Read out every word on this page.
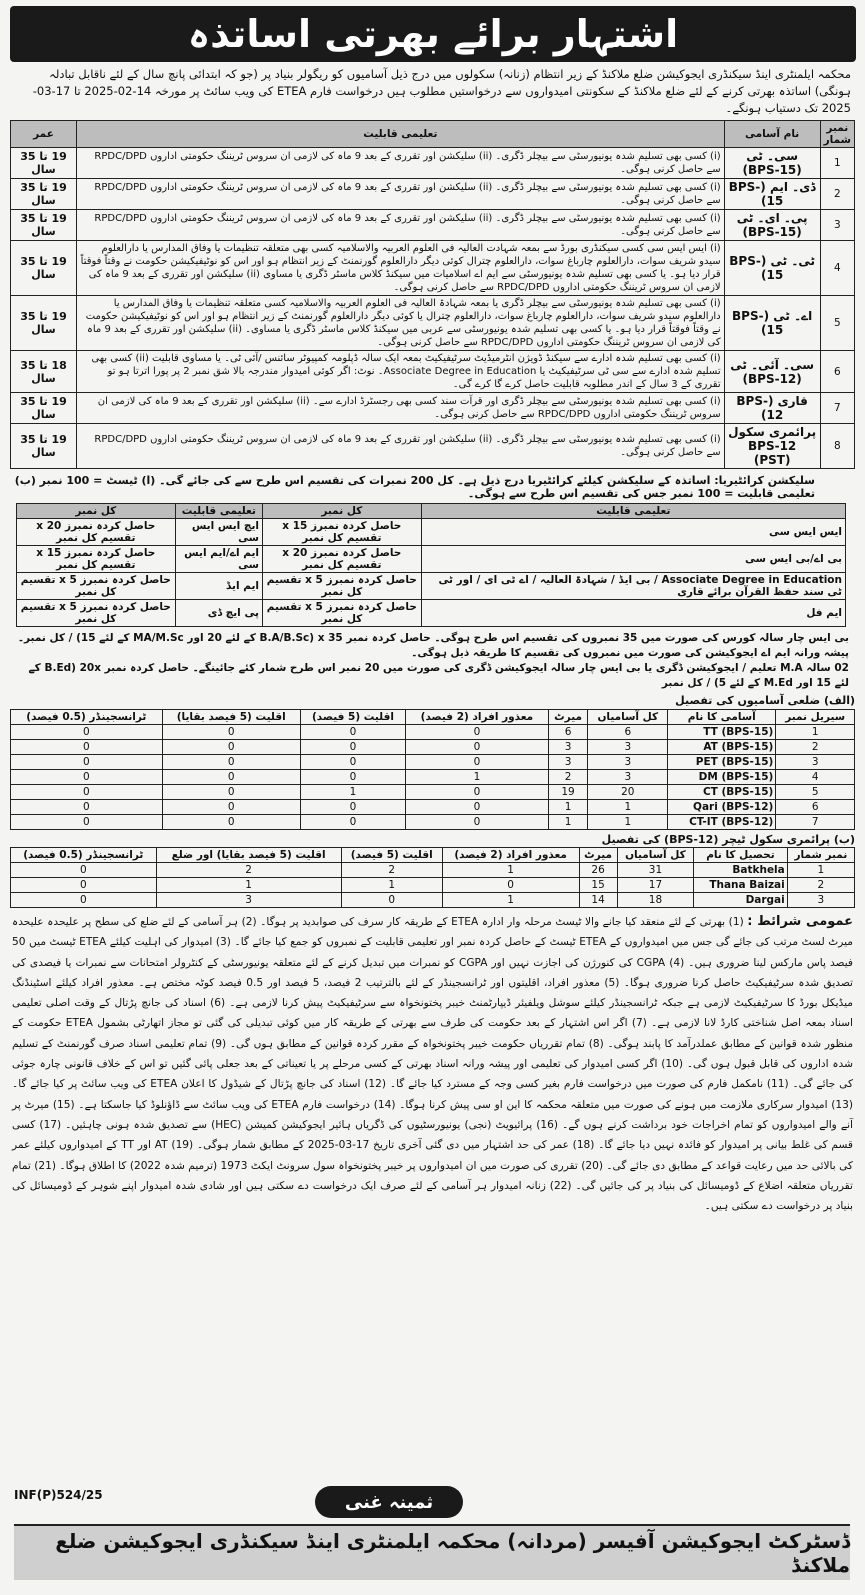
اشتہار برائے بھرتی اساتذہ
محکمہ ایلمنٹری اینڈ سیکنڈری ایجوکیشن ضلع ملاکنڈ کے زیر انتظام (زنانہ) سکولوں میں درج ذیل آسامیوں کو ریگولر بنیاد پر (جو کہ ابتدائی پانچ سال کے لئے ناقابل تبادلہ ہونگی) اساتذہ بھرتی کرنے کے لئے ضلع ملاکنڈ کے سکونتی امیدواروں سے درخواستیں مطلوب ہیں درخواست فارم ETEA کی ویب سائٹ پر مورخہ 14-02-2025 تا 17-03-2025 تک دستیاب ہونگے۔
نمبر شمار	نام آسامی	تعلیمی قابلیت	عمر
1	سی۔ ٹی (BPS-15)	(i) کسی بھی تسلیم شدہ یونیورسٹی سے بیچلر ڈگری۔ (ii) سلیکشن اور تقرری کے بعد 9 ماہ کی لازمی ان سروس ٹریننگ حکومتی اداروں RPDC/DPD سے حاصل کرنی ہوگی۔	19 تا 35 سال
2	ڈی۔ ایم (BPS-15)	(i) کسی بھی تسلیم شدہ یونیورسٹی سے بیچلر ڈگری۔ (ii) سلیکشن اور تقرری کے بعد 9 ماہ کی لازمی ان سروس ٹریننگ حکومتی اداروں RPDC/DPD سے حاصل کرنی ہوگی۔	19 تا 35 سال
3	پی۔ ای۔ ٹی (BPS-15)	(i) کسی بھی تسلیم شدہ یونیورسٹی سے بیچلر ڈگری۔ (ii) سلیکشن اور تقرری کے بعد 9 ماہ کی لازمی ان سروس ٹریننگ حکومتی اداروں RPDC/DPD سے حاصل کرنی ہوگی۔	19 تا 35 سال
4	ٹی۔ ٹی (BPS-15)	(i) ایس ایس سی کسی سیکنڈری بورڈ سے بمعہ شہادت العالیہ فی العلوم العربیہ والاسلامیہ کسی بھی متعلقہ تنظیمات یا وفاق المدارس یا دارالعلوم سیدو شریف سوات، دارالعلوم چارباغ سوات، دارالعلوم چترال کوئی دیگر دارالعلوم گورنمنٹ کے زیر انتظام ہو اور اس کو نوٹیفیکیشن حکومت نے وقتاً فوقتاً قرار دیا ہو۔ یا کسی بھی تسلیم شدہ یونیورسٹی سے ایم اے اسلامیات میں سیکنڈ کلاس ماسٹر ڈگری یا مساوی (ii) سلیکشن اور تقرری کے بعد 9 ماہ کی لازمی ان سروس ٹریننگ حکومتی اداروں RPDC/DPD سے حاصل کرنی ہوگی۔	19 تا 35 سال
5	اے۔ ٹی (BPS-15)	(i) کسی بھی تسلیم شدہ یونیورسٹی سے بیچلر ڈگری یا بمعہ شہادۃ العالیہ فی العلوم العربیہ والاسلامیہ کسی متعلقہ تنظیمات یا وفاق المدارس یا دارالعلوم سیدو شریف سوات، دارالعلوم چارباغ سوات، دارالعلوم چترال یا کوئی دیگر دارالعلوم گورنمنٹ کے زیر انتظام ہو اور اس کو نوٹیفیکیشن حکومت نے وقتاً فوقتاً قرار دیا ہو۔ یا کسی بھی تسلیم شدہ یونیورسٹی سے عربی میں سیکنڈ کلاس ماسٹر ڈگری یا مساوی۔ (ii) سلیکشن اور تقرری کے بعد 9 ماہ کی لازمی ان سروس ٹریننگ حکومتی اداروں RPDC/DPD سے حاصل کرنی ہوگی۔	19 تا 35 سال
6	سی۔ آئی۔ ٹی (BPS-12)	(i) کسی بھی تسلیم شدہ ادارے سے سیکنڈ ڈویژن انٹرمیڈیٹ سرٹیفیکیٹ بمعہ ایک سالہ ڈپلومہ کمپیوٹر سائنس /آئی ٹی۔ یا مساوی قابلیت (ii) کسی بھی تسلیم شدہ ادارے سے سی ٹی سرٹیفیکیٹ یا Associate Degree in Education۔ نوٹ: اگر کوئی امیدوار مندرجہ بالا شق نمبر 2 پر پورا اترتا ہو تو تقرری کے 3 سال کے اندر مطلوبہ قابلیت حاصل کرے گا کرے گی۔	18 تا 35 سال
7	قاری (BPS-12)	(i) کسی بھی تسلیم شدہ یونیورسٹی سے بیچلر ڈگری اور قرآت سند کسی بھی رجسٹرڈ ادارے سے۔ (ii) سلیکشن اور تقرری کے بعد 9 ماہ کی لازمی ان سروس ٹریننگ حکومتی اداروں RPDC/DPD سے حاصل کرنی ہوگی۔	19 تا 35 سال
8	پرائمری سکول BPS-12 (PST)	(i) کسی بھی تسلیم شدہ یونیورسٹی سے بیچلر ڈگری۔ (ii) سلیکشن اور تقرری کے بعد 9 ماہ کی لازمی ان سروس ٹریننگ حکومتی اداروں RPDC/DPD سے حاصل کرنی ہوگی۔	19 تا 35 سال
سلیکشن کرائٹیریا: اساتذہ کے سلیکشن کیلئے کرائٹیریا درج ذیل ہے۔ کل 200 نمبرات کی تقسیم اس طرح سے کی جائے گی۔ (ا) ٹیسٹ = 100 نمبر (ب) تعلیمی قابلیت = 100 نمبر جس کی تقسیم اس طرح سے ہوگی۔
تعلیمی قابلیت	کل نمبر	تعلیمی قابلیت	کل نمبر
ایس ایس سی	حاصل کردہ نمبرز x 15 تقسیم کل نمبر	ایچ ایس ایس سی	حاصل کردہ نمبرز x 20 تقسیم کل نمبر
بی اے/بی ایس سی	حاصل کردہ نمبرز x 20 تقسیم کل نمبر	ایم اے/ایم ایس سی	حاصل کردہ نمبرز x 15 تقسیم کل نمبر
Associate Degree in Education / بی ایڈ / شہادۃ العالیہ / اے ٹی ای / اور ٹی ٹی سند حفظ القرآن برائے قاری	حاصل کردہ نمبرز x 5 تقسیم کل نمبر	ایم ایڈ	حاصل کردہ نمبرز x 5 تقسیم کل نمبر
ایم فل	حاصل کردہ نمبرز x 5 تقسیم کل نمبر	پی ایچ ڈی	حاصل کردہ نمبرز x 5 تقسیم کل نمبر
بی ایس چار سالہ کورس کی صورت میں 35 نمبروں کی تقسیم اس طرح ہوگی۔ حاصل کردہ نمبر x 35 (B.A/B.Sc کے لئے 20 اور MA/M.Sc کے لئے 15) / کل نمبر۔
پیشہ ورانہ ایم اے ایجوکیشن کی صورت میں نمبروں کی تقسیم کا طریقہ ذیل ہوگی۔
02 سالہ M.A تعلیم / ایجوکیشن ڈگری یا بی ایس چار سالہ ایجوکیشن ڈگری کی صورت میں 20 نمبر اس طرح شمار کئے جائینگے۔ حاصل کردہ نمبر 20x (B.Ed کے لئے 15 اور M.Ed کے لئے 5) / کل نمبر
(الف) ضلعی آسامیوں کی تفصیل
سیریل نمبر	آسامی کا نام	کل آسامیاں	میرٹ	معذور افراد (2 فیصد)	اقلیت (5 فیصد)	اقلیت (5 فیصد بقایا)	ٹرانسجینڈر (0.5 فیصد)
1	TT (BPS-15)	6	6	0	0	0	0
2	AT (BPS-15)	3	3	0	0	0	0
3	PET (BPS-15)	3	3	0	0	0	0
4	DM (BPS-15)	3	2	1	0	0	0
5	CT (BPS-15)	20	19	0	1	0	0
6	Qari (BPS-12)	1	1	0	0	0	0
7	CT-IT (BPS-12)	1	1	0	0	0	0
(ب) پرائمری سکول ٹیچر (BPS-12) کی تفصیل
نمبر شمار	تحصیل کا نام	کل آسامیاں	میرٹ	معذور افراد (2 فیصد)	اقلیت (5 فیصد)	اقلیت (5 فیصد بقایا) اور ضلع	ٹرانسجینڈر (0.5 فیصد)
1	Batkhela	31	26	1	2	2	0
2	Thana Baizai	17	15	0	1	1	0
3	Dargai	18	14	1	0	3	0
عمومی شرائط : (1) بھرتی کے لئے منعقد کیا جانے والا ٹیسٹ مرحلہ وار ادارہ ETEA کے طریقہ کار سرف کی صوابدید پر ہوگا۔ (2) ہر آسامی کے لئے ضلع کی سطح پر علیحدہ علیحدہ میرٹ لسٹ مرتب کی جائے گی جس میں امیدواروں کے ETEA ٹیسٹ کے حاصل کردہ نمبر اور تعلیمی قابلیت کے نمبروں کو جمع کیا جائے گا۔ (3) امیدوار کی اہلیت کیلئے ETEA ٹیسٹ میں 50 فیصد پاس مارکس لینا ضروری ہیں۔ (4) CGPA کی کنورژن کی اجازت نہیں اور CGPA کو نمبرات میں تبدیل کرنے کے لئے متعلقہ یونیورسٹی کے کنٹرولر امتحانات سے نمبرات یا فیصدی کی تصدیق شدہ سرٹیفیکیٹ حاصل کرنا ضروری ہوگا۔ (5) معذور افراد، اقلیتوں اور ٹرانسجینڈر کے لئے بالترتیب 2 فیصد، 5 فیصد اور 0.5 فیصد کوٹہ مختص ہے۔ معذور افراد کیلئے اسٹینڈنگ میڈیکل بورڈ کا سرٹیفیکیٹ لازمی ہے جبکہ ٹرانسجینڈر کیلئے سوشل ویلفیئر ڈیپارٹمنٹ خیبر پختونخواہ سے سرٹیفیکیٹ پیش کرنا لازمی ہے۔ (6) اسناد کی جانچ پڑتال کے وقت اصلی تعلیمی اسناد بمعہ اصل شناختی کارڈ لانا لازمی ہے۔ (7) اگر اس اشتہار کے بعد حکومت کی طرف سے بھرتی کے طریقہ کار میں کوئی تبدیلی کی گئی تو مجاز اتھارٹی بشمول ETEA حکومت کے منظور شدہ قوانین کے مطابق عملدرآمد کا پابند ہوگی۔ (8) تمام تقرریاں حکومت خیبر پختونخواہ کے مقرر کردہ قوانین کے مطابق ہوں گی۔ (9) تمام تعلیمی اسناد صرف گورنمنٹ کے تسلیم شدہ اداروں کی قابل قبول ہوں گی۔ (10) اگر کسی امیدوار کی تعلیمی اور پیشہ ورانہ اسناد بھرتی کے کسی مرحلے پر یا تعیناتی کے بعد جعلی پائی گئیں تو اس کے خلاف قانونی چارہ جوئی کی جائے گی۔ (11) نامکمل فارم کی صورت میں درخواست فارم بغیر کسی وجہ کے مسترد کیا جائے گا۔ (12) اسناد کی جانچ پڑتال کے شیڈول کا اعلان ETEA کی ویب سائٹ پر کیا جائے گا۔ (13) امیدوار سرکاری ملازمت میں ہونے کی صورت میں متعلقہ محکمہ کا این او سی پیش کرنا ہوگا۔ (14) درخواست فارم ETEA کی ویب سائٹ سے ڈاؤنلوڈ کیا جاسکتا ہے۔ (15) میرٹ پر آنے والے امیدواروں کو تمام اخراجات خود برداشت کرنے ہوں گے۔ (16) پرائیویٹ (نجی) یونیورسٹیوں کی ڈگریاں ہائیر ایجوکیشن کمیشن (HEC) سے تصدیق شدہ ہونی چاہئیں۔ (17) کسی قسم کی غلط بیانی پر امیدوار کو فائدہ نہیں دیا جائے گا۔ (18) عمر کی حد اشتہار میں دی گئی آخری تاریخ 17-03-2025 کے مطابق شمار ہوگی۔ (19) AT اور TT کے امیدواروں کیلئے عمر کی بالائی حد میں رعایت قواعد کے مطابق دی جائے گی۔ (20) تقرری کی صورت میں ان امیدواروں پر خیبر پختونخواہ سول سرونٹ ایکٹ 1973 (ترمیم شدہ 2022) کا اطلاق ہوگا۔ (21) تمام تقرریاں متعلقہ اضلاع کے ڈومیسائل کی بنیاد پر کی جائیں گی۔ (22) زنانہ امیدوار ہر آسامی کے لئے صرف ایک درخواست دے سکتی ہیں اور شادی شدہ امیدوار اپنے شوہر کے ڈومیسائل کی بنیاد پر درخواست دے سکتی ہیں۔
INF(P)524/25	ثمینہ غنی
ڈسٹرکٹ ایجوکیشن آفیسر (مردانہ) محکمہ ایلمنٹری اینڈ سیکنڈری ایجوکیشن ضلع ملاکنڈ
